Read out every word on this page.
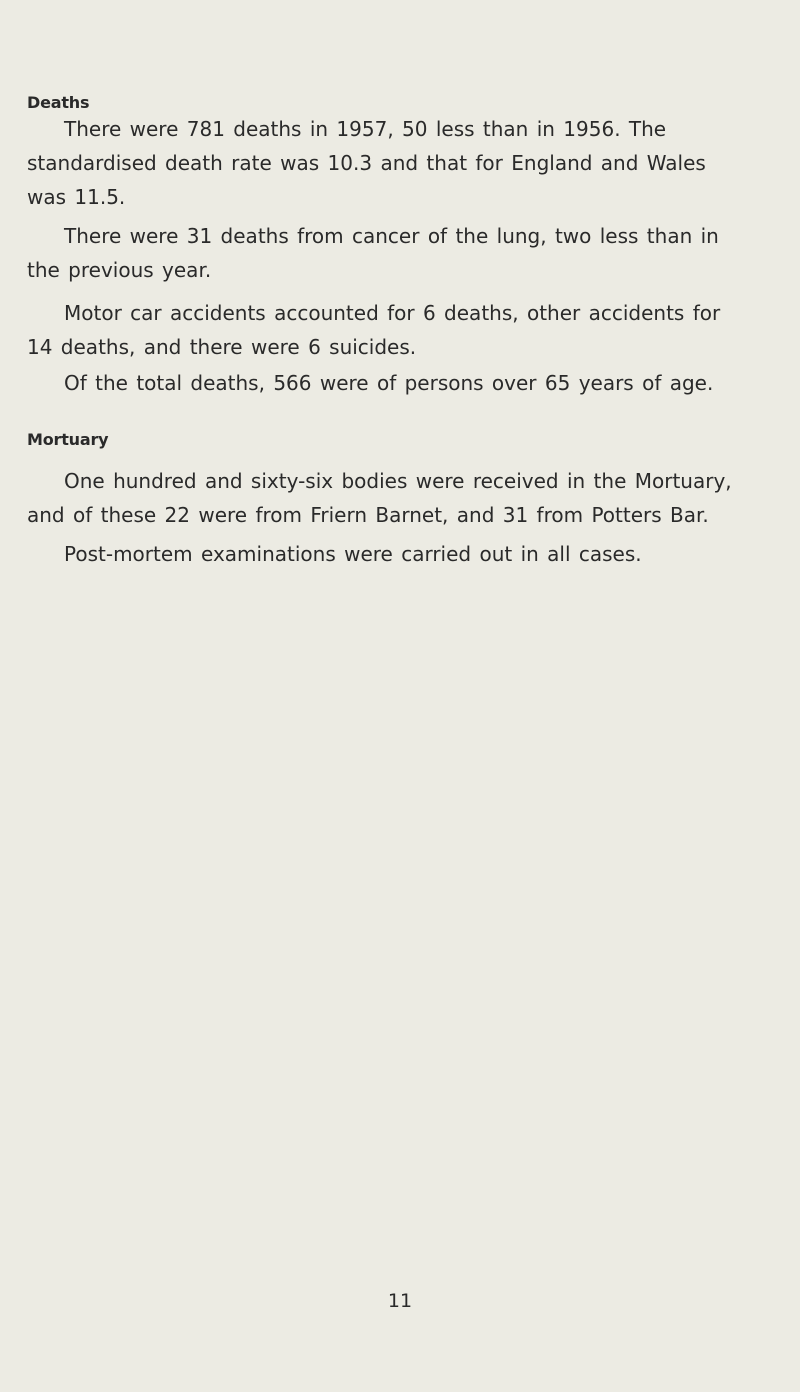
Deaths

There were 781 deaths in 1957, 50 less than in 1956. The standardised death rate was 10.3 and that for England and Wales was 11.5.

There were 31 deaths from cancer of the lung, two less than in the previous year.

Motor car accidents accounted for 6 deaths, other accidents for 14 deaths, and there were 6 suicides.

Of the total deaths, 566 were of persons over 65 years of age.

Mortuary

One hundred and sixty-six bodies were received in the Mortuary, and of these 22 were from Friern Barnet, and 31 from Potters Bar.

Post-mortem examinations were carried out in all cases.

11
